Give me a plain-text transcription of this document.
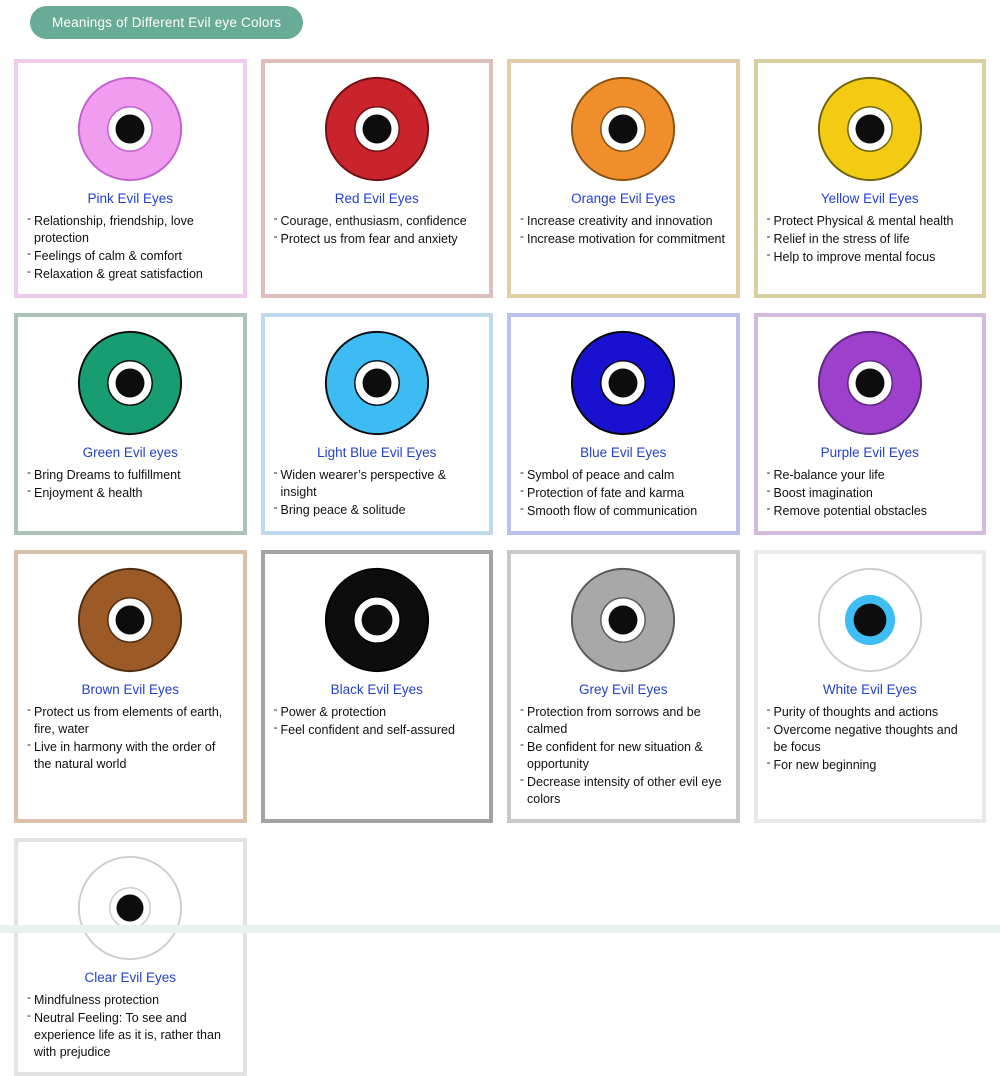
Meanings of Different Evil eye Colors
Pink Evil Eyes
- Relationship, friendship, love protection
- Feelings of calm & comfort
- Relaxation & great satisfaction
Red Evil Eyes
- Courage, enthusiasm, confidence
- Protect us from fear and anxiety
Orange Evil Eyes
- Increase creativity and innovation
- Increase motivation for commitment
Yellow Evil Eyes
- Protect Physical & mental health
- Relief in the stress of life
- Help to improve mental focus
Green Evil eyes
- Bring Dreams to fulfillment
- Enjoyment & health
Light Blue Evil Eyes
- Widen wearer’s perspective & insight
- Bring peace & solitude
Blue Evil Eyes
- Symbol of peace and calm
- Protection of fate and karma
- Smooth flow of communication
Purple Evil Eyes
- Re-balance your life
- Boost imagination
- Remove potential obstacles
Brown Evil Eyes
- Protect us from elements of earth, fire, water
- Live in harmony with the order of the natural world
Black Evil Eyes
- Power & protection
- Feel confident and self-assured
Grey Evil Eyes
- Protection from sorrows and be calmed
- Be confident for new situation & opportunity
- Decrease intensity of other evil eye colors
White Evil Eyes
- Purity of thoughts and actions
- Overcome negative thoughts and be focus
- For new beginning
Clear Evil Eyes
- Mindfulness protection
- Neutral Feeling: To see and experience life as it is, rather than with prejudice
